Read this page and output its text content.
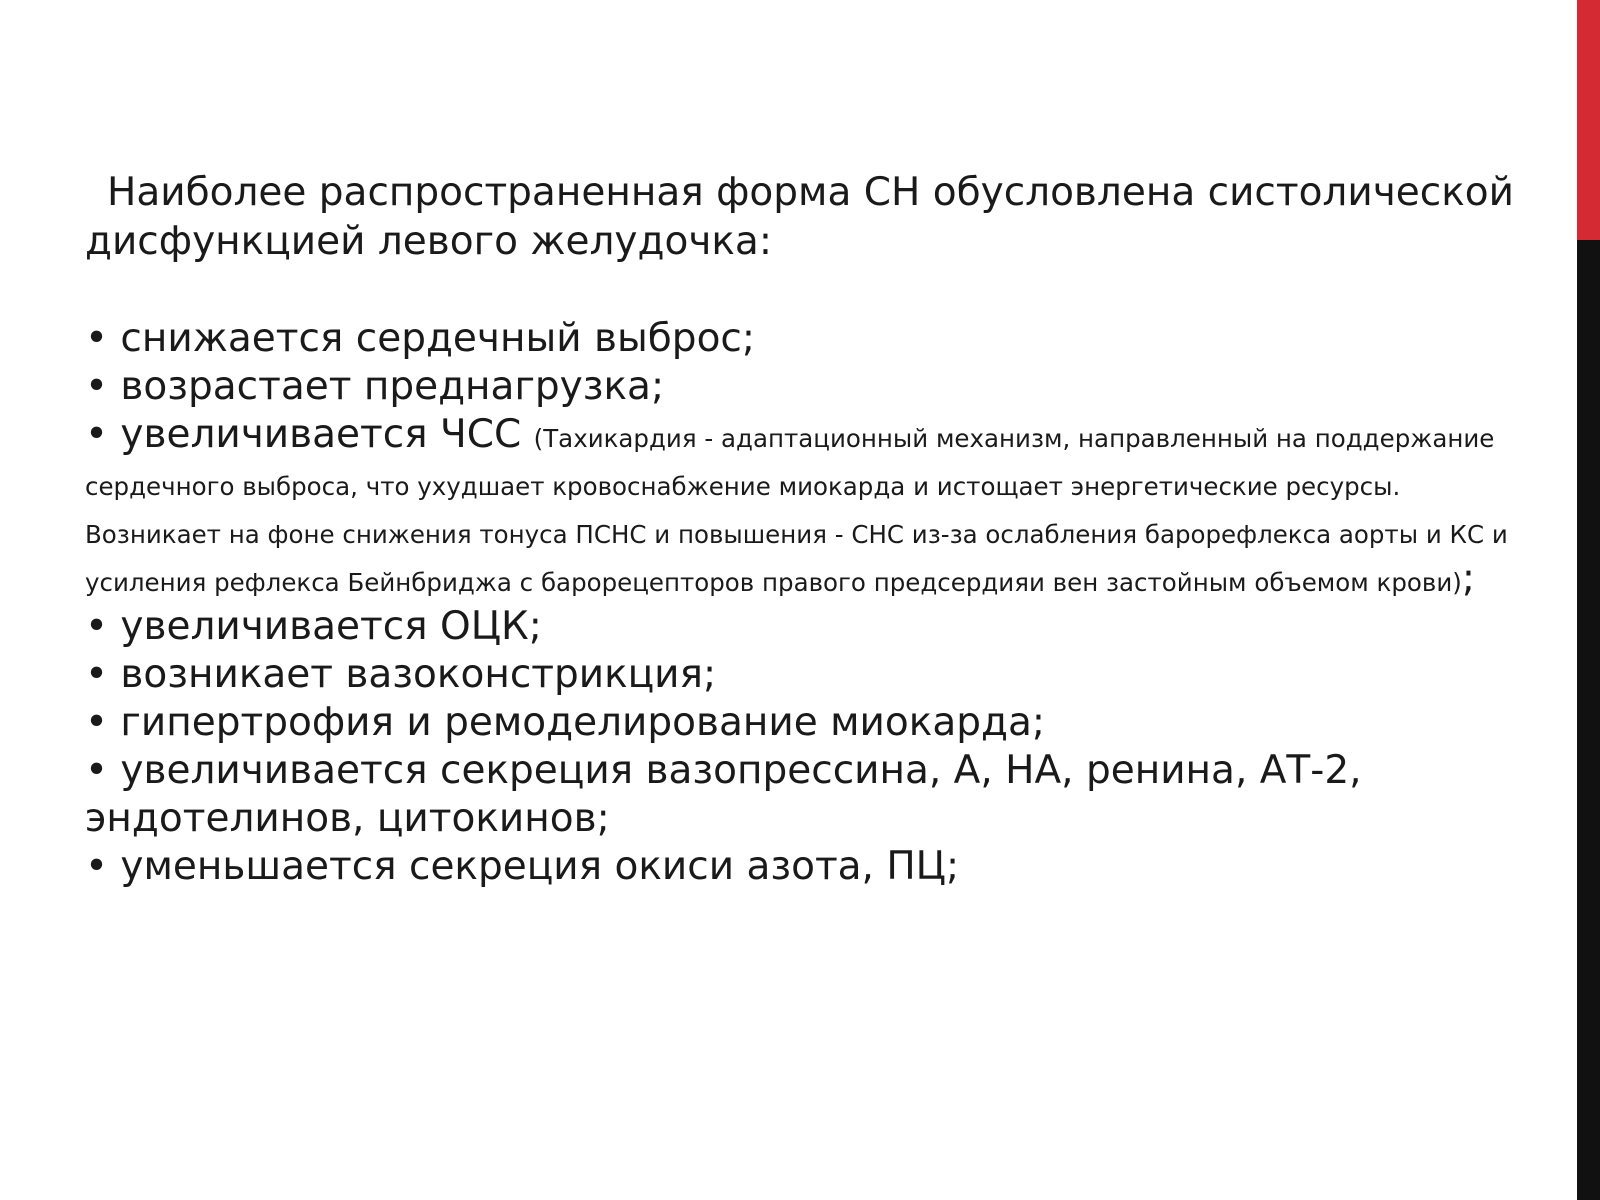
Наиболее распространенная форма СН обусловлена систолической дисфункцией левого желудочка:

• снижается сердечный выброс;
• возрастает преднагрузка;
• увеличивается ЧСС (Тахикардия - адаптационный механизм, направленный на поддержание сердечного выброса, что ухудшает кровоснабжение миокарда и истощает энергетические ресурсы. Возникает на фоне снижения тонуса ПСНС и повышения - СНС из-за ослабления барорефлекса аорты и КС и усиления рефлекса Бейнбриджа с барорецепторов правого предсердияи вен застойным объемом крови);
• увеличивается ОЦК;
• возникает вазоконстрикция;
• гипертрофия и ремоделирование миокарда;
• увеличивается секреция вазопрессина, А, НА, ренина, АТ-2, эндотелинов, цитокинов;
• уменьшается секреция окиси азота, ПЦ;
